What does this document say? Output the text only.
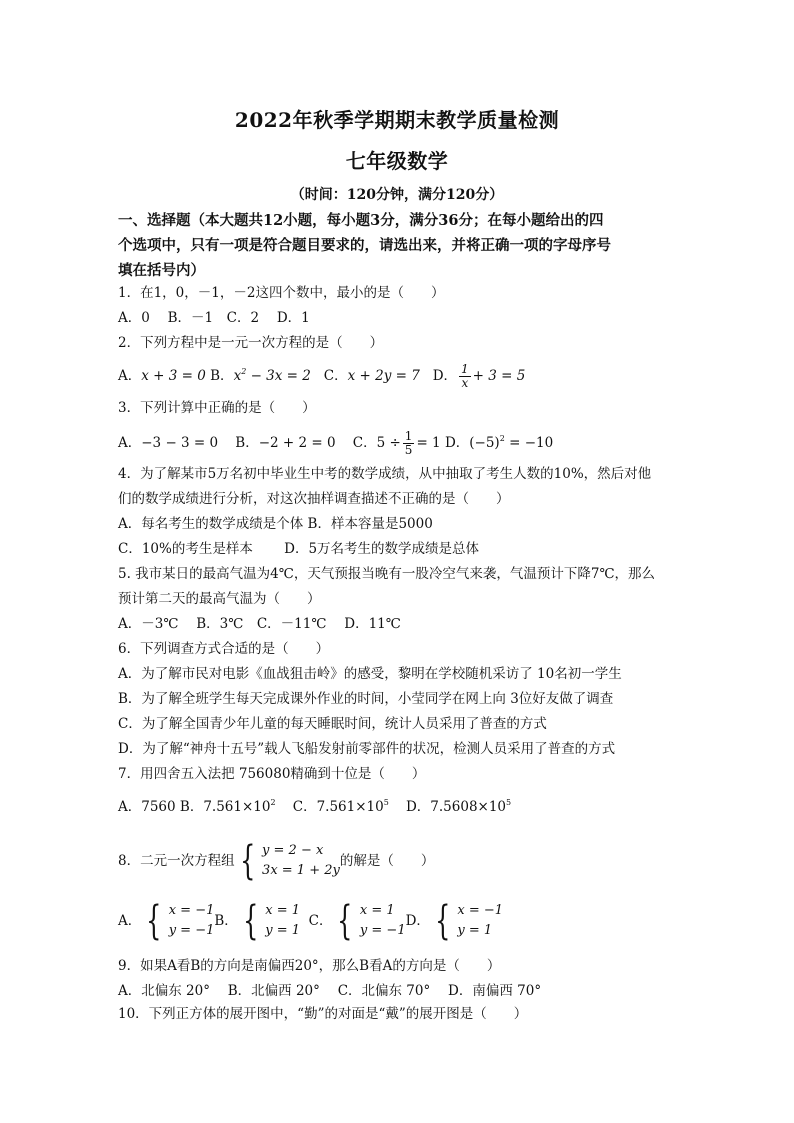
2022年秋季学期期末教学质量检测
七年级数学
（时间：120分钟，满分120分）
一、选择题（本大题共12小题，每小题3分，满分36分；在每小题给出的四
个选项中，只有一项是符合题目要求的，请选出来，并将正确一项的字母序号
填在括号内）
1．在1，0，－1，－2这四个数中，最小的是（　　）
A．0　 B．－1　C．2　 D．1
2．下列方程中是一元一次方程的是（　　）
A．x + 3 = 0 B．$x^2 - 3x = 2$ C．x + 2y = 7 D． $\frac{1}{x} + 3 = 5$
3．下列计算中正确的是（　　）
A．−3 − 3 = 0 B．−2 + 2 = 0 C．$5 \div \frac{1}{5} = 1$ D．$(-5)^2 = -10$
4．为了解某市5万名初中毕业生中考的数学成绩，从中抽取了考生人数的10%，然后对他
们的数学成绩进行分析，对这次抽样调查描述不正确的是（　　）
A．每名考生的数学成绩是个体 B．样本容量是5000
C．10%的考生是样本　　 D．5万名考生的数学成绩是总体
5. 我市某日的最高气温为4℃，天气预报当晚有一股冷空气来袭，气温预计下降7℃，那么
预计第二天的最高气温为（　　）
A．－3℃　 B．3℃　C．－11℃　 D．11℃
6．下列调查方式合适的是（　　）
A．为了解市民对电影《血战狙击岭》的感受，黎明在学校随机采访了 10名初一学生
B．为了解全班学生每天完成课外作业的时间，小莹同学在网上向 3位好友做了调查
C．为了解全国青少年儿童的每天睡眠时间，统计人员采用了普查的方式
D．为了解“神舟十五号”载人飞船发射前零部件的状况，检测人员采用了普查的方式
7．用四舍五入法把 756080精确到十位是（　　）
A．7560 B．$7.561\times 10^2$ C．$7.561\times 10^5$ D．$7.5608\times 10^5$
8．二元一次方程组 { y = 2 − x
3x = 1 + 2y
的解是（　　）
A． { x = −1
y = −1
B． { x = 1
y = 1

C． { x = 1
y = −1
D． { x = −1
y = 1
9．如果A看B的方向是南偏西20°，那么B看A的方向是（　　）
A．北偏东 20°　 B．北偏西 20°　 C．北偏东 70°　 D．南偏西 70°
10．下列正方体的展开图中，“勤”的对面是“戴”的展开图是（　　）
